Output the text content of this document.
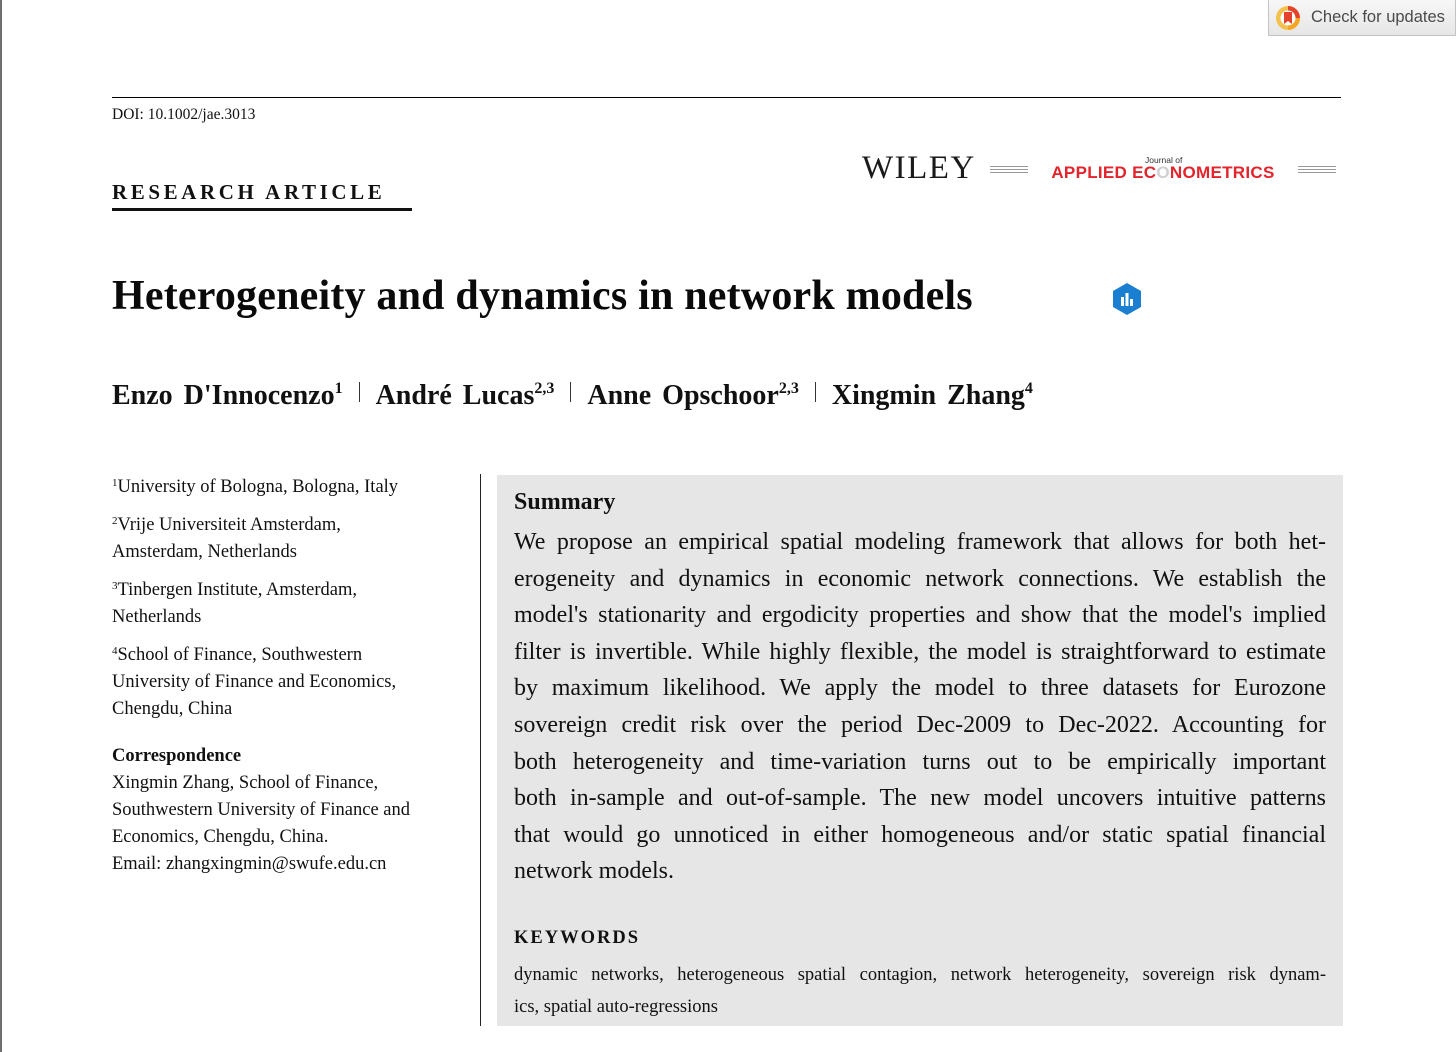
Check for updates
DOI: 10.1002/jae.3013
RESEARCH ARTICLE
WILEY	Journal of
APPLIED ECONOMETRICS
Heterogeneity and dynamics in network models
Enzo D'Innocenzo$^1$ André Lucas$^{2,3}$ Anne Opschoor$^{2,3}$ Xingmin Zhang$^4$
$^1$University of Bologna, Bologna, Italy
$^2$Vrije Universiteit Amsterdam,
Amsterdam, Netherlands
$^3$Tinbergen Institute, Amsterdam,
Netherlands
$^4$School of Finance, Southwestern
University of Finance and Economics,
Chengdu, China
Correspondence
Xingmin Zhang, School of Finance,
Southwestern University of Finance and
Economics, Chengdu, China.
Email: zhangxingmin@swufe.edu.cn
Summary
We propose an empirical spatial modeling framework that allows for both het-
erogeneity and dynamics in economic network connections. We establish the
model's stationarity and ergodicity properties and show that the model's implied
filter is invertible. While highly flexible, the model is straightforward to estimate
by maximum likelihood. We apply the model to three datasets for Eurozone
sovereign credit risk over the period Dec-2009 to Dec-2022. Accounting for
both heterogeneity and time-variation turns out to be empirically important
both in-sample and out-of-sample. The new model uncovers intuitive patterns
that would go unnoticed in either homogeneous and/or static spatial financial
network models.
KEYWORDS
dynamic networks, heterogeneous spatial contagion, network heterogeneity, sovereign risk dynam-
ics, spatial auto-regressions
